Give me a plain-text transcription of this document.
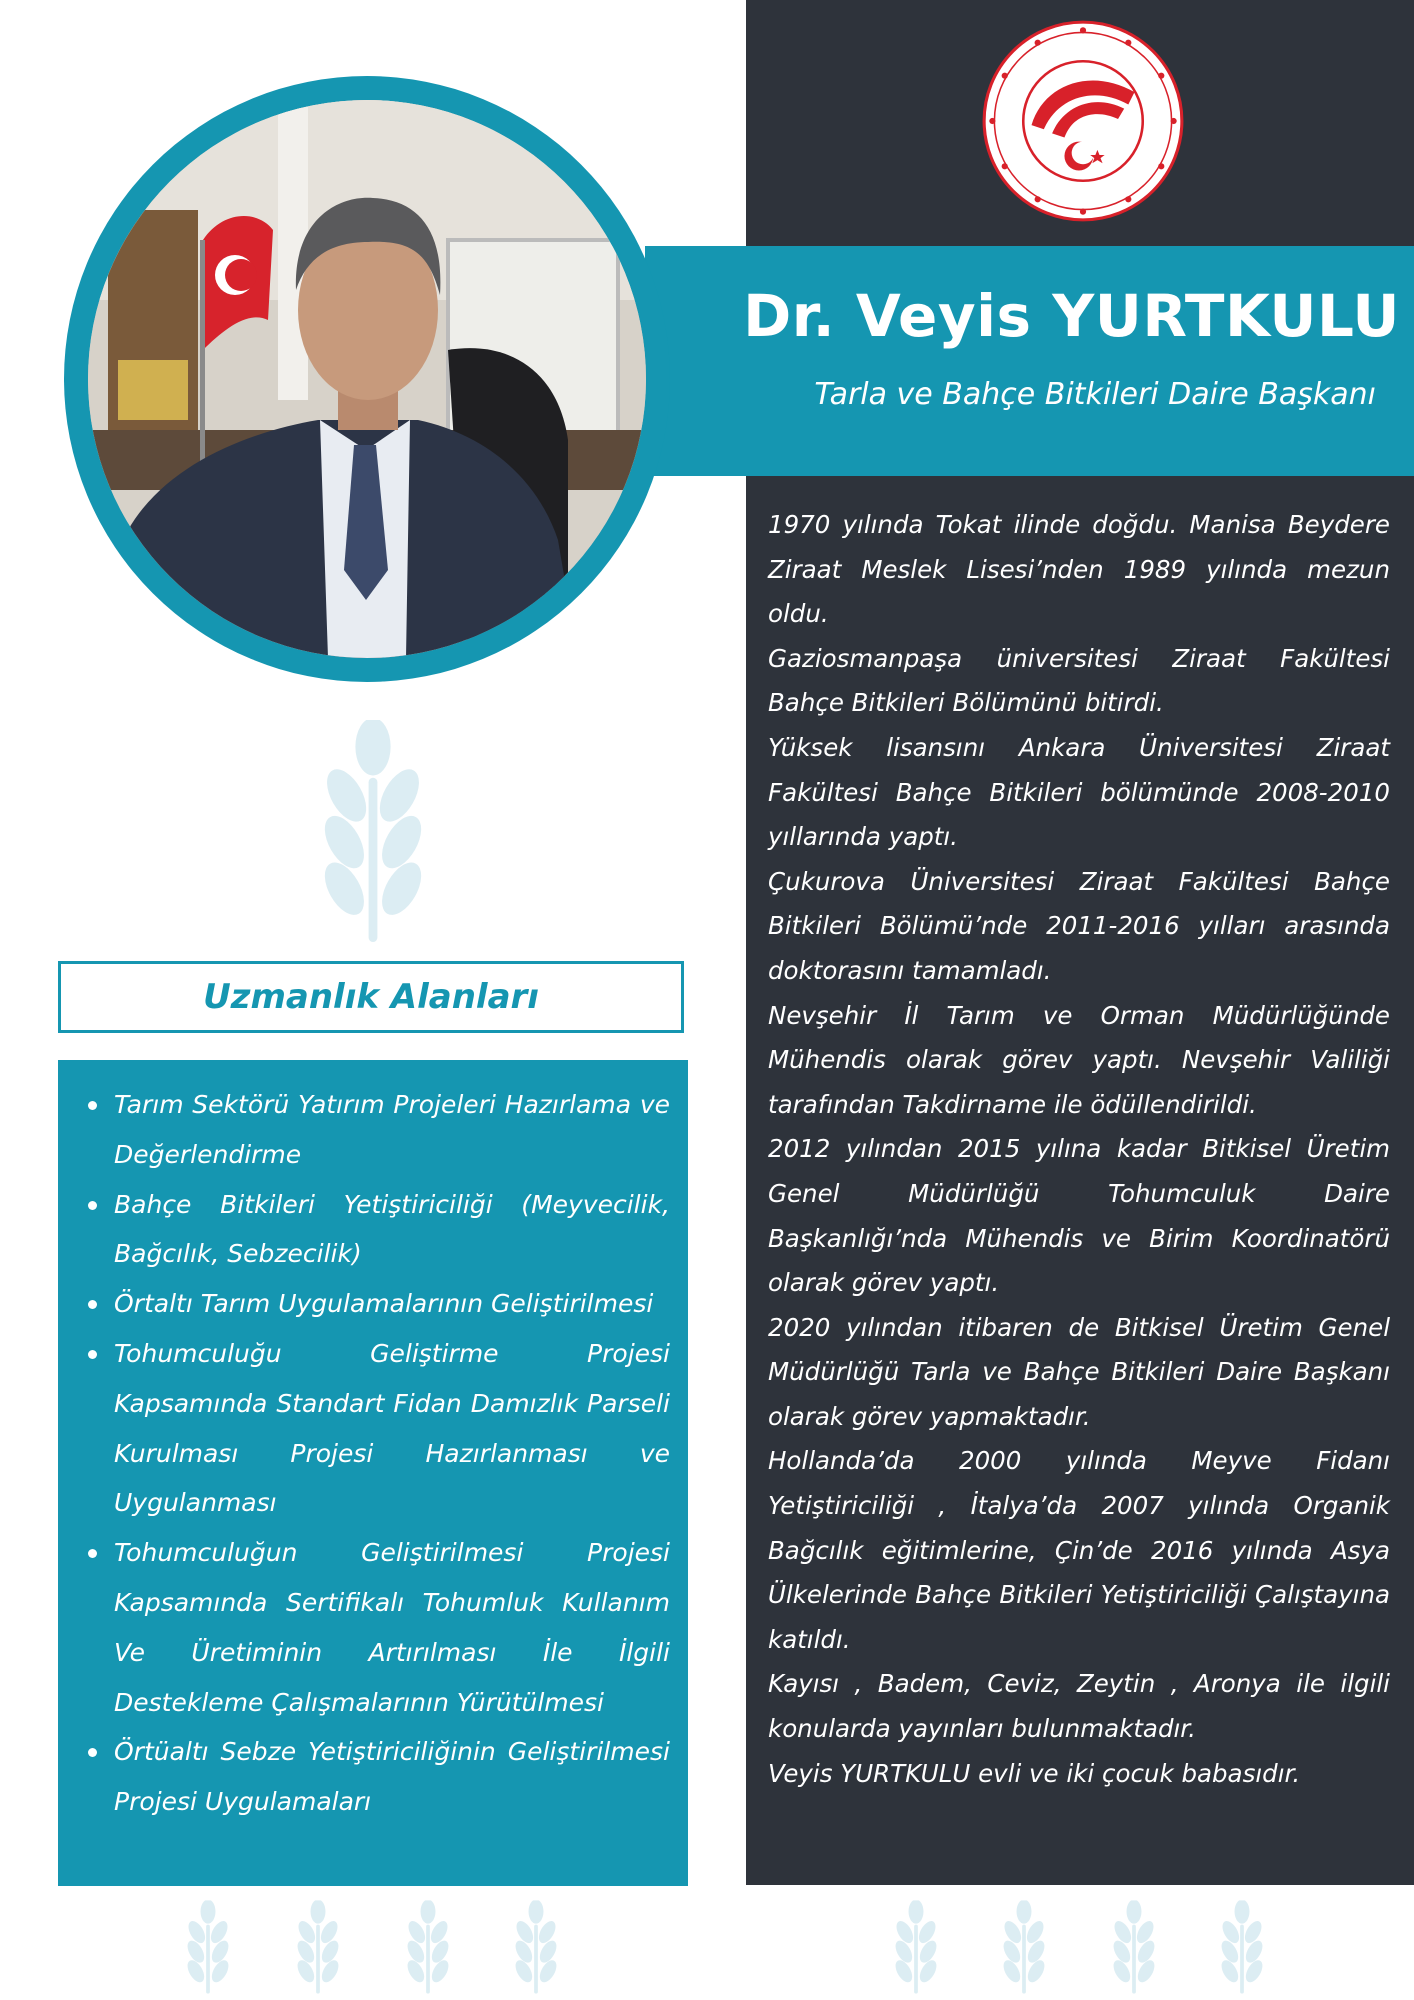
Dr. Veyis YURTKULU
Tarla ve Bahçe Bitkileri Daire Başkanı

1970 yılında Tokat ilinde doğdu. Manisa Beydere Ziraat Meslek Lisesi’nden 1989 yılında mezun oldu.

Gaziosmanpaşa üniversitesi Ziraat Fakültesi Bahçe Bitkileri Bölümünü bitirdi.

Yüksek lisansını Ankara Üniversitesi Ziraat Fakültesi Bahçe Bitkileri bölümünde 2008-2010 yıllarında yaptı.

Çukurova Üniversitesi Ziraat Fakültesi Bahçe Bitkileri Bölümü’nde 2011-2016 yılları arasında doktorasını tamamladı.

Nevşehir İl Tarım ve Orman Müdürlüğünde Mühendis olarak görev yaptı. Nevşehir Valiliği tarafından Takdirname ile ödüllendirildi.

2012 yılından 2015 yılına kadar Bitkisel Üretim Genel Müdürlüğü Tohumculuk Daire Başkanlığı’nda Mühendis ve Birim Koordinatörü olarak görev yaptı.

2020 yılından itibaren de Bitkisel Üretim Genel Müdürlüğü Tarla ve Bahçe Bitkileri Daire Başkanı olarak görev yapmaktadır.

Hollanda’da 2000 yılında Meyve Fidanı Yetiştiriciliği , İtalya’da 2007 yılında Organik Bağcılık eğitimlerine, Çin’de 2016 yılında Asya Ülkelerinde Bahçe Bitkileri Yetiştiriciliği Çalıştayına katıldı.

Kayısı , Badem, Ceviz, Zeytin , Aronya ile ilgili konularda yayınları bulunmaktadır.

Veyis YURTKULU evli ve iki çocuk babasıdır.

Uzmanlık Alanları
Tarım Sektörü Yatırım Projeleri Hazırlama ve Değerlendirme
Bahçe Bitkileri Yetiştiriciliği (Meyvecilik, Bağcılık, Sebzecilik)
Örtaltı Tarım Uygulamalarının Geliştirilmesi
Tohumculuğu Geliştirme Projesi Kapsamında Standart Fidan Damızlık Parseli Kurulması Projesi Hazırlanması ve Uygulanması
Tohumculuğun Geliştirilmesi Projesi Kapsamında Sertifikalı Tohumluk Kullanım Ve Üretiminin Artırılması İle İlgili Destekleme Çalışmalarının Yürütülmesi
Örtüaltı Sebze Yetiştiriciliğinin Geliştirilmesi Projesi Uygulamaları
